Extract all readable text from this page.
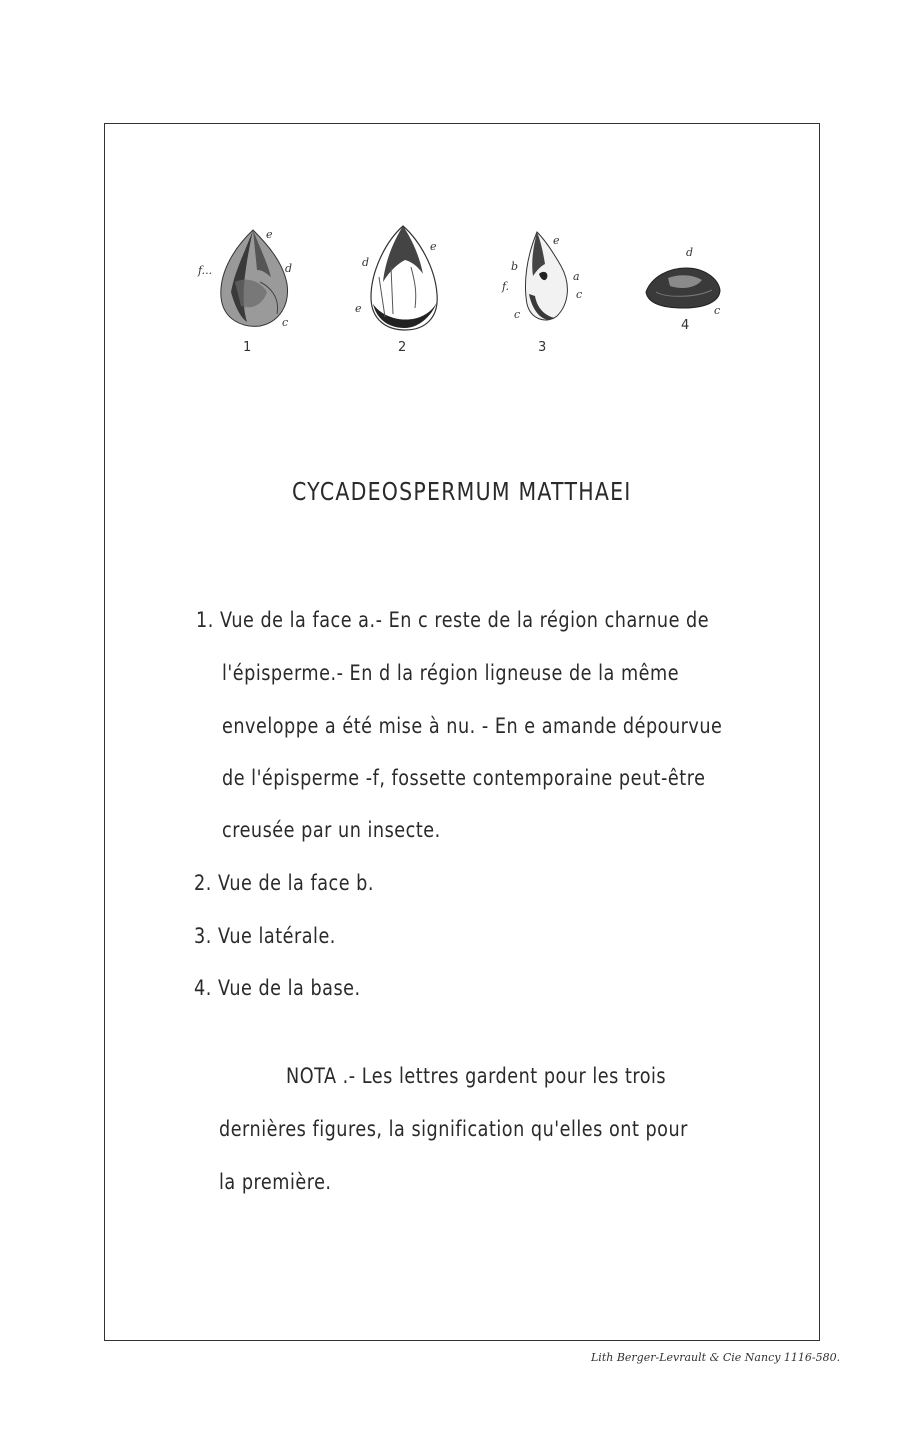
e
d
f...
c
1
d
e
e
2
e
b
f.
a
c
c
3
d
c
4
CYCADEOSPERMUM MATTHAEI
1. Vue de la face a.- En c reste de la région charnue de
l'épisperme.- En d la région ligneuse de la même
enveloppe a été mise à nu. - En e amande dépourvue
de l'épisperme -f, fossette contemporaine peut-être
creusée par un insecte.
2. Vue de la face b.
3. Vue latérale.
4. Vue de la base.
NOTA .- Les lettres gardent pour les trois
dernières figures, la signification qu'elles ont pour
la première.
Lith Berger-Levrault & Cie Nancy 1116-580.
